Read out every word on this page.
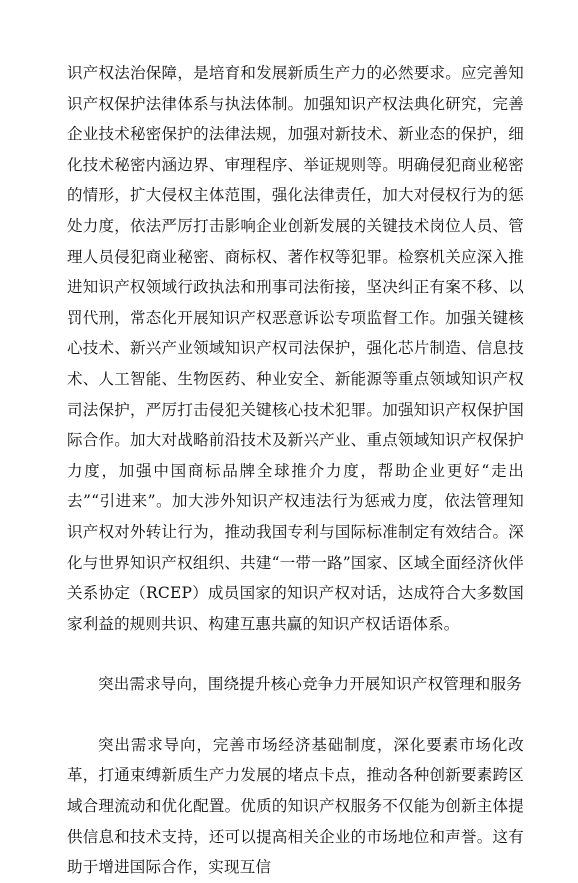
识产权法治保障，是培育和发展新质生产力的必然要求。应完善知识产权保护法律体系与执法体制。加强知识产权法典化研究，完善企业技术秘密保护的法律法规，加强对新技术、新业态的保护，细化技术秘密内涵边界、审理程序、举证规则等。明确侵犯商业秘密的情形，扩大侵权主体范围，强化法律责任，加大对侵权行为的惩处力度，依法严厉打击影响企业创新发展的关键技术岗位人员、管理人员侵犯商业秘密、商标权、著作权等犯罪。检察机关应深入推进知识产权领域行政执法和刑事司法衔接，坚决纠正有案不移、以罚代刑，常态化开展知识产权恶意诉讼专项监督工作。加强关键核心技术、新兴产业领域知识产权司法保护，强化芯片制造、信息技术、人工智能、生物医药、种业安全、新能源等重点领域知识产权司法保护，严厉打击侵犯关键核心技术犯罪。加强知识产权保护国际合作。加大对战略前沿技术及新兴产业、重点领域知识产权保护力度，加强中国商标品牌全球推介力度，帮助企业更好“走出去”“引进来”。加大涉外知识产权违法行为惩戒力度，依法管理知识产权对外转让行为，推动我国专利与国际标准制定有效结合。深化与世界知识产权组织、共建“一带一路”国家、区域全面经济伙伴关系协定（RCEP）成员国家的知识产权对话，达成符合大多数国家利益的规则共识、构建互惠共赢的知识产权话语体系。

突出需求导向，围绕提升核心竞争力开展知识产权管理和服务

突出需求导向，完善市场经济基础制度，深化要素市场化改革，打通束缚新质生产力发展的堵点卡点，推动各种创新要素跨区域合理流动和优化配置。优质的知识产权服务不仅能为创新主体提供信息和技术支持，还可以提高相关企业的市场地位和声誉。这有助于增进国际合作，实现互信
